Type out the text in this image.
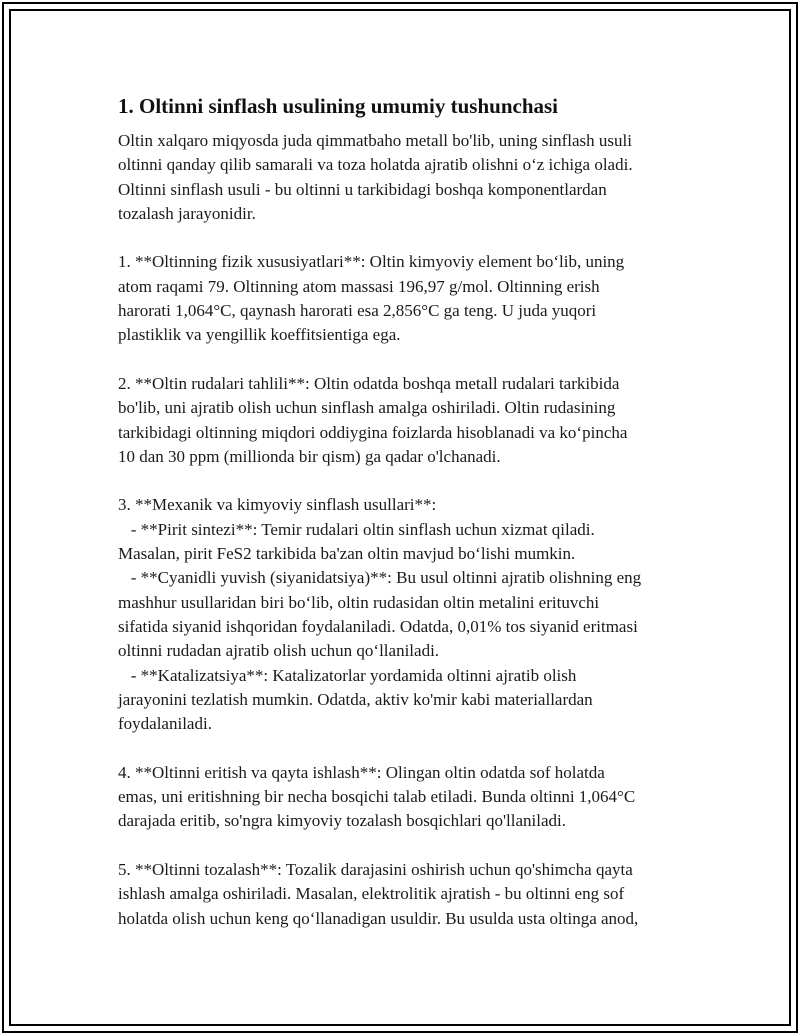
1. Oltinni sinflash usulining umumiy tushunchasi

Oltin xalqaro miqyosda juda qimmatbaho metall bo'lib, uning sinflash usuli

oltinni qanday qilib samarali va toza holatda ajratib olishni o‘z ichiga oladi.

Oltinni sinflash usuli - bu oltinni u tarkibidagi boshqa komponentlardan

tozalash jarayonidir.

1. **Oltinning fizik xususiyatlari**: Oltin kimyoviy element bo‘lib, uning

atom raqami 79. Oltinning atom massasi 196,97 g/mol. Oltinning erish

harorati 1,064°C, qaynash harorati esa 2,856°C ga teng. U juda yuqori

plastiklik va yengillik koeffitsientiga ega.

2. **Oltin rudalari tahlili**: Oltin odatda boshqa metall rudalari tarkibida

bo'lib, uni ajratib olish uchun sinflash amalga oshiriladi. Oltin rudasining

tarkibidagi oltinning miqdori oddiygina foizlarda hisoblanadi va ko‘pincha

10 dan 30 ppm (millionda bir qism) ga qadar o'lchanadi.

3. **Mexanik va kimyoviy sinflash usullari**:

- **Pirit sintezi**: Temir rudalari oltin sinflash uchun xizmat qiladi.

Masalan, pirit FeS2 tarkibida ba'zan oltin mavjud bo‘lishi mumkin.

- **Cyanidli yuvish (siyanidatsiya)**: Bu usul oltinni ajratib olishning eng

mashhur usullaridan biri bo‘lib, oltin rudasidan oltin metalini erituvchi

sifatida siyanid ishqoridan foydalaniladi. Odatda, 0,01% tos siyanid eritmasi

oltinni rudadan ajratib olish uchun qo‘llaniladi.

- **Katalizatsiya**: Katalizatorlar yordamida oltinni ajratib olish

jarayonini tezlatish mumkin. Odatda, aktiv ko'mir kabi materiallardan

foydalaniladi.

4. **Oltinni eritish va qayta ishlash**: Olingan oltin odatda sof holatda

emas, uni eritishning bir necha bosqichi talab etiladi. Bunda oltinni 1,064°C

darajada eritib, so'ngra kimyoviy tozalash bosqichlari qo'llaniladi.

5. **Oltinni tozalash**: Tozalik darajasini oshirish uchun qo'shimcha qayta

ishlash amalga oshiriladi. Masalan, elektrolitik ajratish - bu oltinni eng sof

holatda olish uchun keng qo‘llanadigan usuldir. Bu usulda usta oltinga anod,
